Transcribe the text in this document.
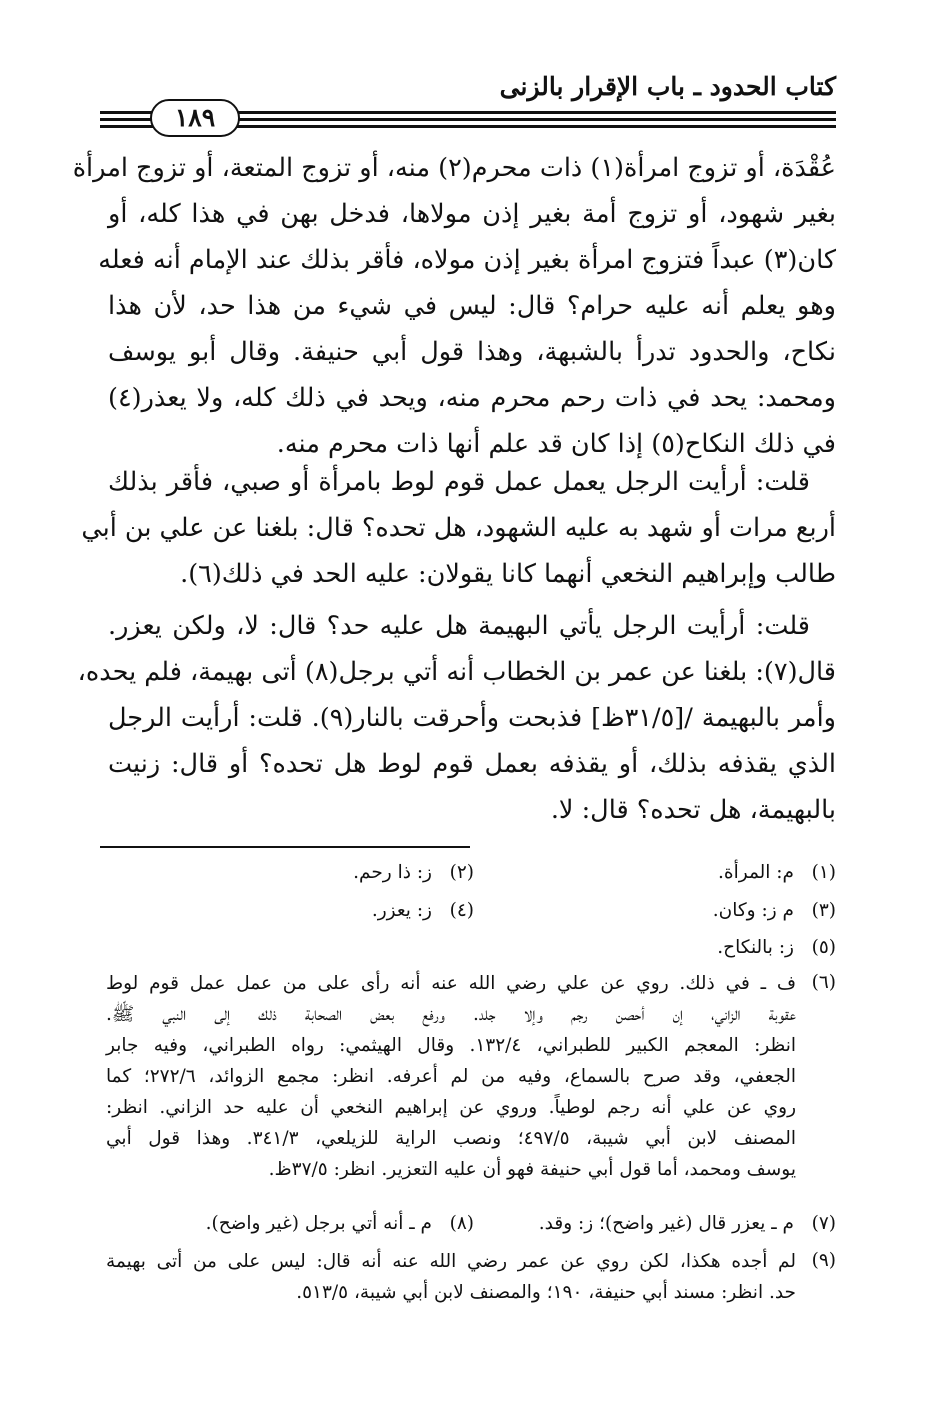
كتاب الحدود ـ باب الإقرار بالزنى
١٨٩
عُقْدَة، أو تزوج امرأة(١) ذات محرم(٢) منه، أو تزوج المتعة، أو تزوج امرأة
بغير شهود، أو تزوج أمة بغير إذن مولاها، فدخل بهن في هذا كله، أو
كان(٣) عبداً فتزوج امرأة بغير إذن مولاه، فأقر بذلك عند الإمام أنه فعله
وهو يعلم أنه عليه حرام؟ قال: ليس في شيء من هذا حد، لأن هذا
نكاح، والحدود تدرأ بالشبهة، وهذا قول أبي حنيفة. وقال أبو يوسف
ومحمد: يحد في ذات رحم محرم منه، ويحد في ذلك كله، ولا يعذر(٤)
في ذلك النكاح(٥) إذا كان قد علم أنها ذات محرم منه.
قلت: أرأيت الرجل يعمل عمل قوم لوط بامرأة أو صبي، فأقر بذلك
أربع مرات أو شهد به عليه الشهود، هل تحده؟ قال: بلغنا عن علي بن أبي
طالب وإبراهيم النخعي أنهما كانا يقولان: عليه الحد في ذلك(٦).
قلت: أرأيت الرجل يأتي البهيمة هل عليه حد؟ قال: لا، ولكن يعزر.
قال(٧): بلغنا عن عمر بن الخطاب أنه أتي برجل(٨) أتى بهيمة، فلم يحده،
وأمر بالبهيمة /[٣١/٥ظ] فذبحت وأحرقت بالنار(٩). قلت: أرأيت الرجل
الذي يقذفه بذلك، أو يقذفه بعمل قوم لوط هل تحده؟ أو قال: زنيت
بالبهيمة، هل تحده؟ قال: لا.
(١)
م: المرأة.
(٢)
ز: ذا رحم.
(٣)
م ز: وكان.
(٤)
ز: يعزر.
(٥)
ز: بالنكاح.
(٦)
ف ـ في ذلك. روي عن علي رضي الله عنه أنه رأى على من عمل عمل قوم لوط
عقوبة الزاني، إن أحصن رجم وإلا جلد. ورفع بعض الصحابة ذلك إلى النبي ﷺ.
انظر: المعجم الكبير للطبراني، ١٣٢/٤. وقال الهيثمي: رواه الطبراني، وفيه جابر
الجعفي، وقد صرح بالسماع، وفيه من لم أعرفه. انظر: مجمع الزوائد، ٢٧٢/٦؛ كما
روي عن علي أنه رجم لوطياً. وروي عن إبراهيم النخعي أن عليه حد الزاني. انظر:
المصنف لابن أبي شيبة، ٤٩٧/٥؛ ونصب الراية للزيلعي، ٣٤١/٣. وهذا قول أبي
يوسف ومحمد، أما قول أبي حنيفة فهو أن عليه التعزير. انظر: ٣٧/٥ظ.
(٧)
م ـ يعزر قال (غير واضح)؛ ز: وقد.
(٨)
م ـ أنه أتي برجل (غير واضح).
(٩)
لم أجده هكذا، لكن روي عن عمر رضي الله عنه أنه قال: ليس على من أتى بهيمة
حد. انظر: مسند أبي حنيفة، ١٩٠؛ والمصنف لابن أبي شيبة، ٥١٣/٥.
